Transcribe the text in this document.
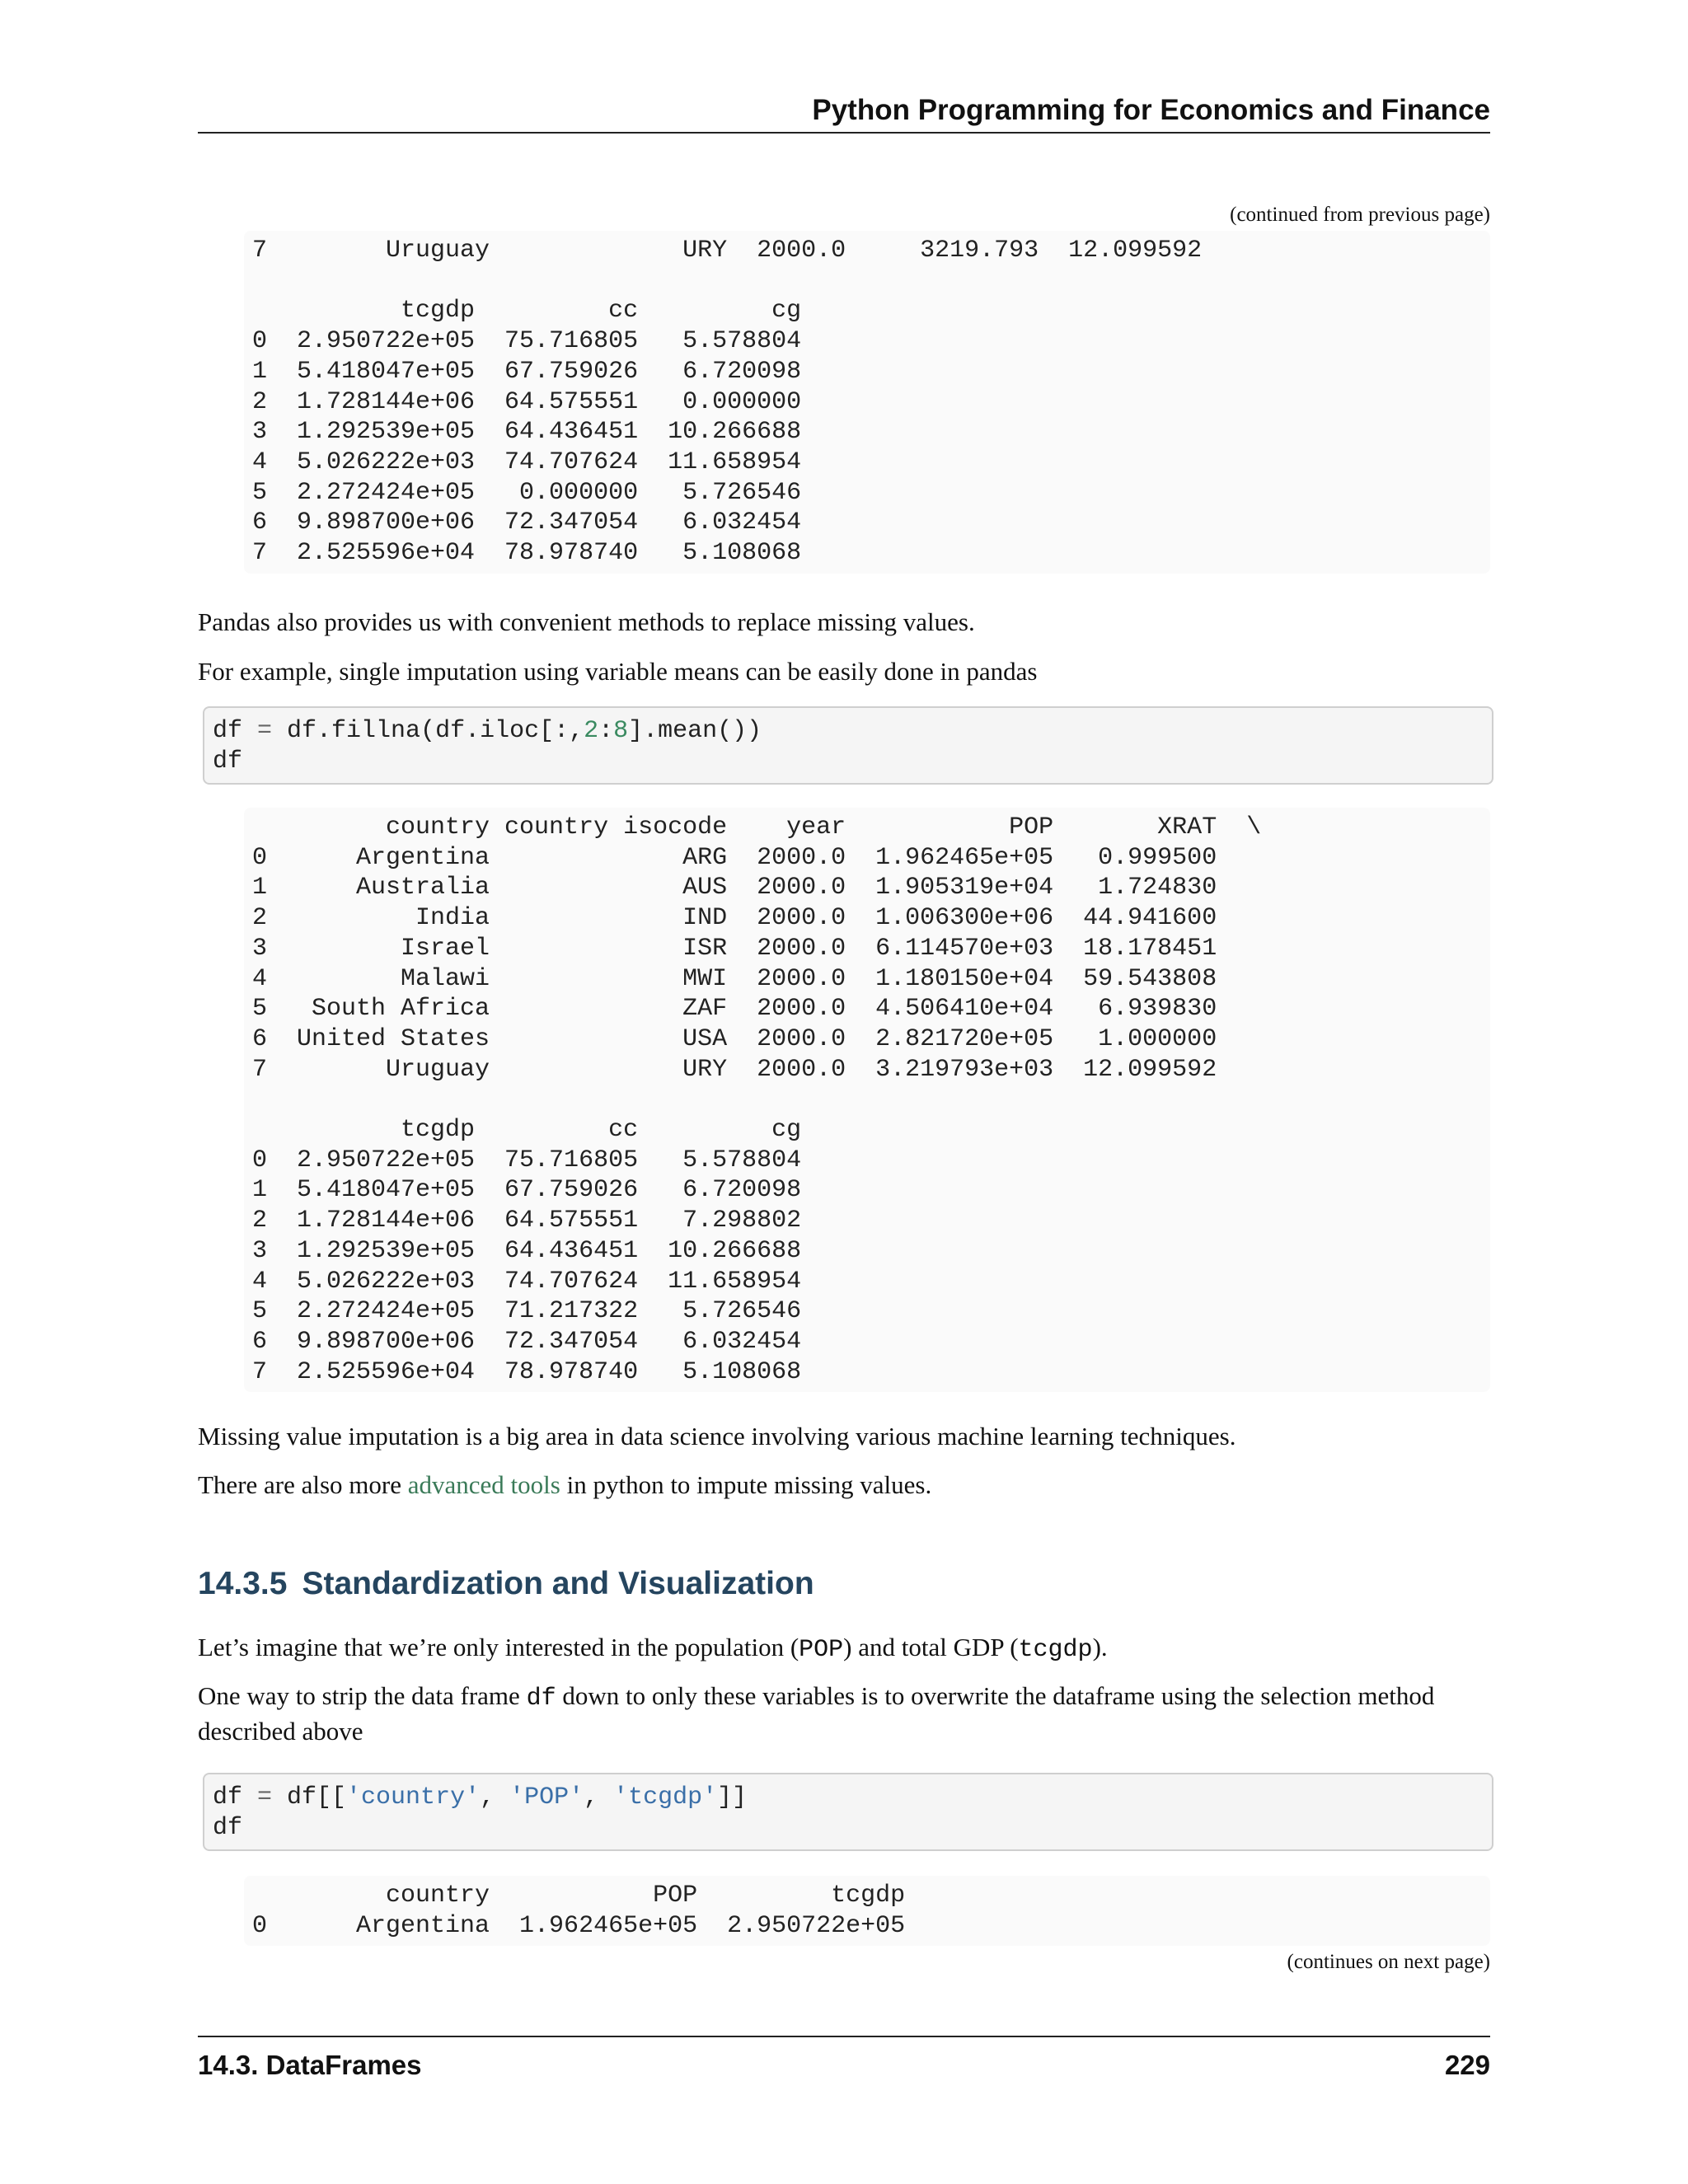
Python Programming for Economics and Finance
(continued from previous page)
7        Uruguay             URY  2000.0     3219.793  12.099592

tcgdp         cc         cg
0  2.950722e+05  75.716805   5.578804
1  5.418047e+05  67.759026   6.720098
2  1.728144e+06  64.575551   0.000000
3  1.292539e+05  64.436451  10.266688
4  5.026222e+03  74.707624  11.658954
5  2.272424e+05   0.000000   5.726546
6  9.898700e+06  72.347054   6.032454
7  2.525596e+04  78.978740   5.108068

Pandas also provides us with convenient methods to replace missing values.

For example, single imputation using variable means can be easily done in pandas

df = df.fillna(df.iloc[:,2:8].mean())
df
country country isocode    year           POP       XRAT  \
0      Argentina             ARG  2000.0  1.962465e+05   0.999500
1      Australia             AUS  2000.0  1.905319e+04   1.724830
2          India             IND  2000.0  1.006300e+06  44.941600
3         Israel             ISR  2000.0  6.114570e+03  18.178451
4         Malawi             MWI  2000.0  1.180150e+04  59.543808
5   South Africa             ZAF  2000.0  4.506410e+04   6.939830
6  United States             USA  2000.0  2.821720e+05   1.000000
7        Uruguay             URY  2000.0  3.219793e+03  12.099592

tcgdp         cc         cg
0  2.950722e+05  75.716805   5.578804
1  5.418047e+05  67.759026   6.720098
2  1.728144e+06  64.575551   7.298802
3  1.292539e+05  64.436451  10.266688
4  5.026222e+03  74.707624  11.658954
5  2.272424e+05  71.217322   5.726546
6  9.898700e+06  72.347054   6.032454
7  2.525596e+04  78.978740   5.108068

Missing value imputation is a big area in data science involving various machine learning techniques.

There are also more advanced tools in python to impute missing values.

14.3.5 Standardization and Visualization

Let’s imagine that we’re only interested in the population (POP) and total GDP (tcgdp).

One way to strip the data frame df down to only these variables is to overwrite the dataframe using the selection method described above

df = df[['country', 'POP', 'tcgdp']]
df
country           POP         tcgdp
0      Argentina  1.962465e+05  2.950722e+05
(continues on next page)
14.3. DataFrames	229
